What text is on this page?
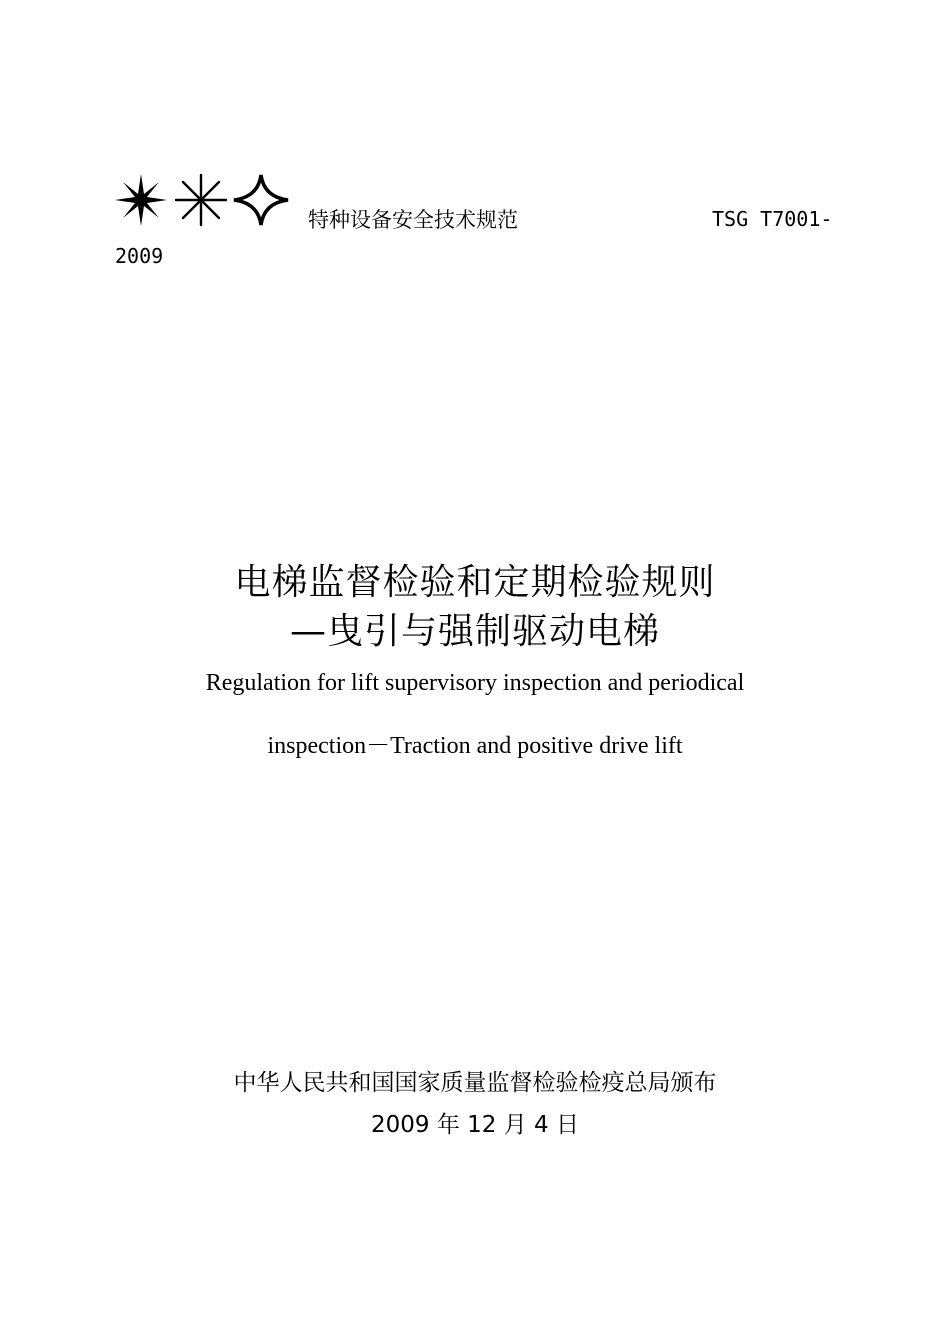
特种设备安全技术规范	TSG T7001-
2009
电梯监督检验和定期检验规则
—曳引与强制驱动电梯
Regulation for lift supervisory inspection and periodical
inspection－Traction and positive drive lift
中华人民共和国国家质量监督检验检疫总局颁布
2009 年 12 月 4 日
